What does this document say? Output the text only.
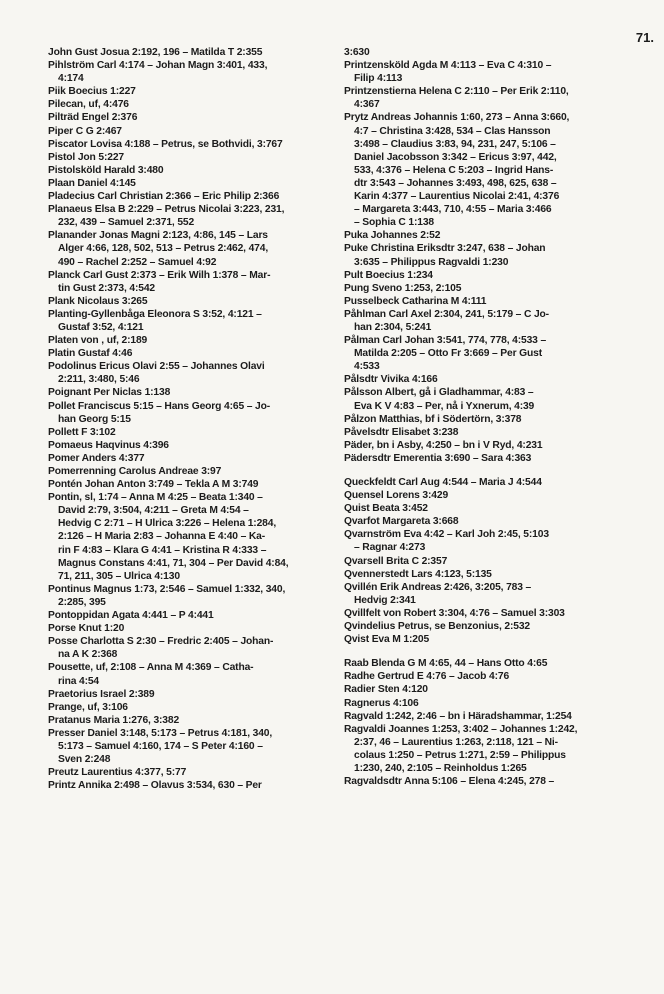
71.
John Gust Josua 2:192, 196 – Matilda T 2:355
Pihlström Carl 4:174 – Johan Magn 3:401, 433,
4:174
Piik Boecius 1:227
Pilecan, uf, 4:476
Pilträd Engel 2:376
Piper C G 2:467
Piscator Lovisa 4:188 – Petrus, se Bothvidi, 3:767
Pistol Jon 5:227
Pistolsköld Harald 3:480
Plaan Daniel 4:145
Pladecius Carl Christian 2:366 – Eric Philip 2:366
Planaeus Elsa B 2:229 – Petrus Nicolai 3:223, 231,
232, 439 – Samuel 2:371, 552
Planander Jonas Magni 2:123, 4:86, 145 – Lars
Alger 4:66, 128, 502, 513 – Petrus 2:462, 474,
490 – Rachel 2:252 – Samuel 4:92
Planck Carl Gust 2:373 – Erik Wilh 1:378 – Mar-
tin Gust 2:373, 4:542
Plank Nicolaus 3:265
Planting-Gyllenbåga Eleonora S 3:52, 4:121 –
Gustaf 3:52, 4:121
Platen von , uf, 2:189
Platin Gustaf 4:46
Podolinus Ericus Olavi 2:55 – Johannes Olavi
2:211, 3:480, 5:46
Poignant Per Niclas 1:138
Pollet Franciscus 5:15 – Hans Georg 4:65 – Jo-
han Georg 5:15
Pollett F 3:102
Pomaeus Haqvinus 4:396
Pomer Anders 4:377
Pomerrenning Carolus Andreae 3:97
Pontén Johan Anton 3:749 – Tekla A M 3:749
Pontin, sl, 1:74 – Anna M 4:25 – Beata 1:340 –
David 2:79, 3:504, 4:211 – Greta M 4:54 –
Hedvig C 2:71 – H Ulrica 3:226 – Helena 1:284,
2:126 – H Maria 2:83 – Johanna E 4:40 – Ka-
rin F 4:83 – Klara G 4:41 – Kristina R 4:333 –
Magnus Constans 4:41, 71, 304 – Per David 4:84,
71, 211, 305 – Ulrica 4:130
Pontinus Magnus 1:73, 2:546 – Samuel 1:332, 340,
2:285, 395
Pontoppidan Agata 4:441 – P 4:441
Porse Knut 1:20
Posse Charlotta S 2:30 – Fredric 2:405 – Johan-
na A K 2:368
Pousette, uf, 2:108 – Anna M 4:369 – Catha-
rina 4:54
Praetorius Israel 2:389
Prange, uf, 3:106
Pratanus Maria 1:276, 3:382
Presser Daniel 3:148, 5:173 – Petrus 4:181, 340,
5:173 – Samuel 4:160, 174 – S Peter 4:160 –
Sven 2:248
Preutz Laurentius 4:377, 5:77
Printz Annika 2:498 – Olavus 3:534, 630 – Per
3:630
Printzensköld Agda M 4:113 – Eva C 4:310 –
Filip 4:113
Printzenstierna Helena C 2:110 – Per Erik 2:110,
4:367
Prytz Andreas Johannis 1:60, 273 – Anna 3:660,
4:7 – Christina 3:428, 534 – Clas Hansson
3:498 – Claudius 3:83, 94, 231, 247, 5:106 –
Daniel Jacobsson 3:342 – Ericus 3:97, 442,
533, 4:376 – Helena C 5:203 – Ingrid Hans-
dtr 3:543 – Johannes 3:493, 498, 625, 638 –
Karin 4:377 – Laurentius Nicolai 2:41, 4:376
– Margareta 3:443, 710, 4:55 – Maria 3:466
– Sophia C 1:138
Puka Johannes 2:52
Puke Christina Eriksdtr 3:247, 638 – Johan
3:635 – Philippus Ragvaldi 1:230
Pult Boecius 1:234
Pung Sveno 1:253, 2:105
Pusselbeck Catharina M 4:111
Påhlman Carl Axel 2:304, 241, 5:179 – C Jo-
han 2:304, 5:241
Pålman Carl Johan 3:541, 774, 778, 4:533 –
Matilda 2:205 – Otto Fr 3:669 – Per Gust
4:533
Pålsdtr Vivika 4:166
Pålsson Albert, gå i Gladhammar, 4:83 –
Eva K V 4:83 – Per, nå i Yxnerum, 4:39
Pålzon Matthias, bf i Södertörn, 3:378
Påvelsdtr Elisabet 3:238
Päder, bn i Asby, 4:250 – bn i V Ryd, 4:231
Pädersdtr Emerentia 3:690 – Sara 4:363
Queckfeldt Carl Aug 4:544 – Maria J 4:544
Quensel Lorens 3:429
Quist Beata 3:452
Qvarfot Margareta 3:668
Qvarnström Eva 4:42 – Karl Joh 2:45, 5:103
– Ragnar 4:273
Qvarsell Brita C 2:357
Qvennerstedt Lars 4:123, 5:135
Qvillén Erik Andreas 2:426, 3:205, 783 –
Hedvig 2:341
Qvillfelt von Robert 3:304, 4:76 – Samuel 3:303
Qvindelius Petrus, se Benzonius, 2:532
Qvist Eva M 1:205
Raab Blenda G M 4:65, 44 – Hans Otto 4:65
Radhe Gertrud E 4:76 – Jacob 4:76
Radier Sten 4:120
Ragnerus 4:106
Ragvald 1:242, 2:46 – bn i Häradshammar, 1:254
Ragvaldi Joannes 1:253, 3:402 – Johannes 1:242,
2:37, 46 – Laurentius 1:263, 2:118, 121 – Ni-
colaus 1:250 – Petrus 1:271, 2:59 – Philippus
1:230, 240, 2:105 – Reinholdus 1:265
Ragvaldsdtr Anna 5:106 – Elena 4:245, 278 –
